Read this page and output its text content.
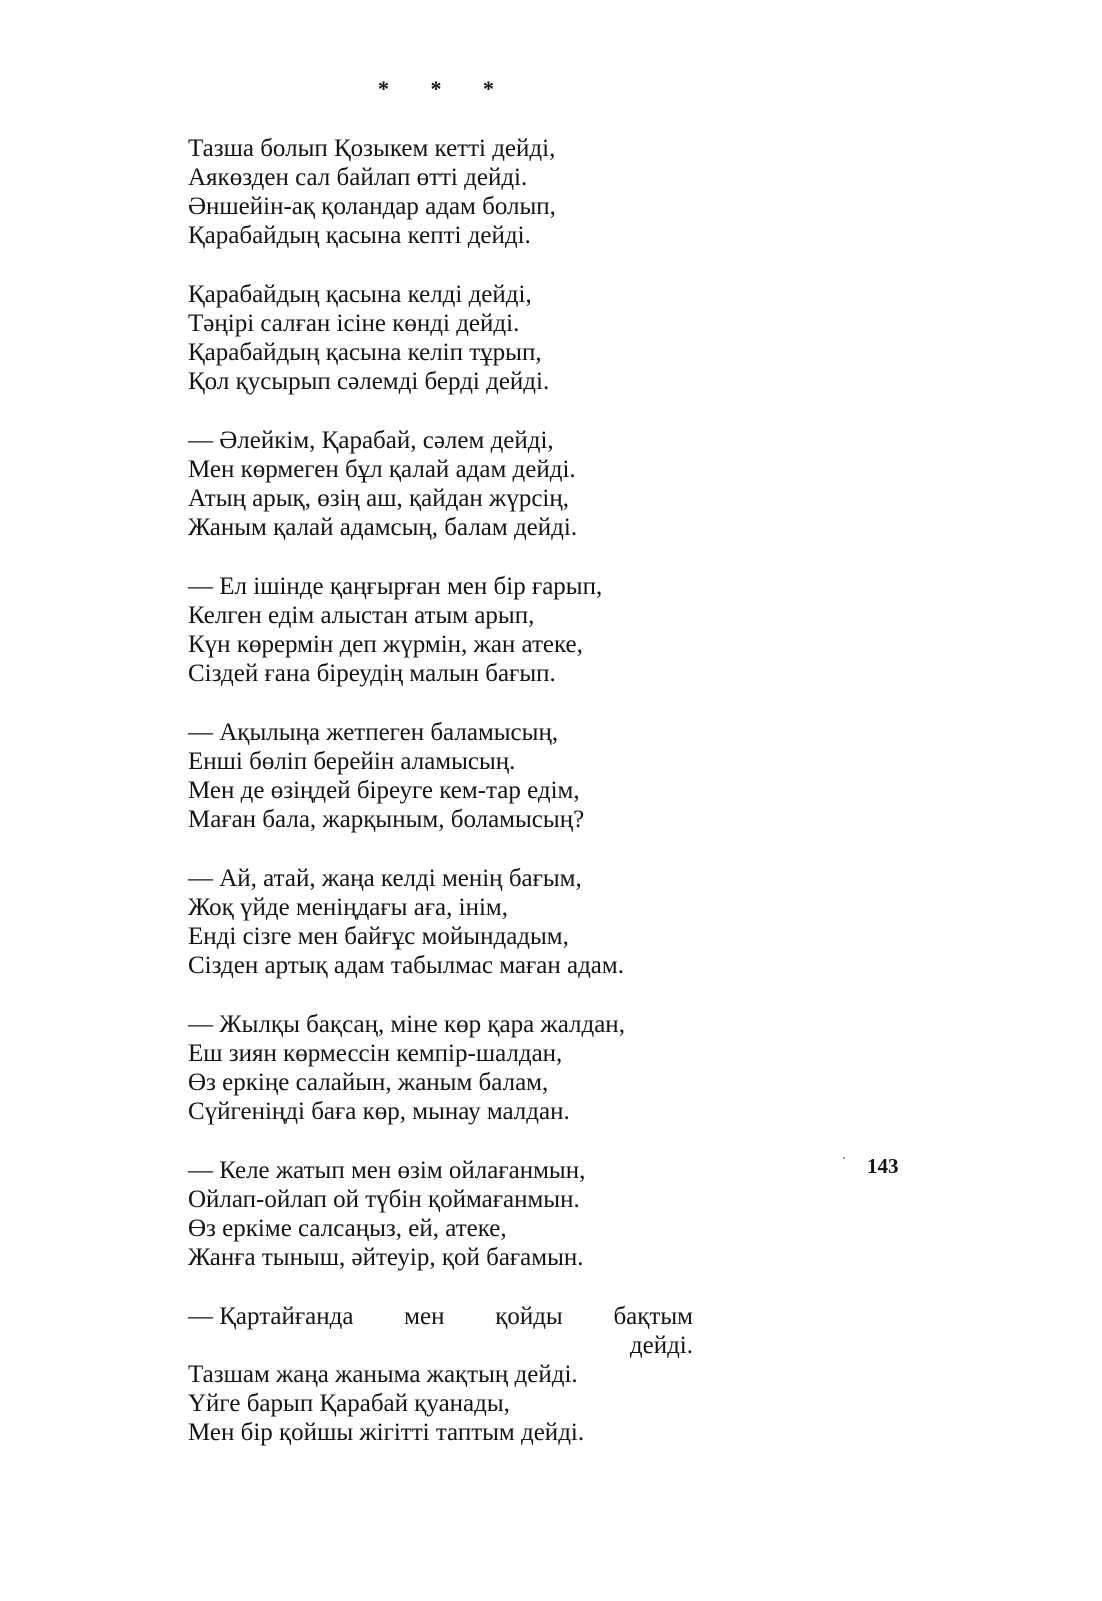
* * *
Тазша болып Қозыкем кетті дейді,
Аякөзден сал байлап өтті дейді.
Әншейін-ақ қоландар адам болып,
Қарабайдың қасына кепті дейді.
Қарабайдың қасына келді дейді,
Тәңірі салған ісіне көнді дейді.
Қарабайдың қасына келіп тұрып,
Қол қусырып сәлемді берді дейді.
— Әлейкім, Қарабай, сәлем дейді,
Мен көрмеген бұл қалай адам дейді.
Атың арық, өзің аш, қайдан жүрсің,
Жаным қалай адамсың, балам дейді.
— Ел ішінде қаңғырған мен бір ғарып,
Келген едім алыстан атым арып,
Күн көрермін деп жүрмін, жан атеке,
Сіздей ғана біреудің малын бағып.
— Ақылыңа жетпеген баламысың,
Еншi бөліп берейін аламысың.
Мен де өзіңдей біреуге кем-тар едім,
Маған бала, жарқыным, боламысың?
— Ай, атай, жаңа келді менің бағым,
Жоқ үйде меніңдағы аға, інім,
Енді сізге мен байғұс мойындадым,
Сізден артық адам табылмас маған адам.
— Жылқы бақсаң, міне көр қара жалдан,
Еш зиян көрмессін кемпір-шалдан,
Өз еркіңе салайын, жаным балам,
Сүйгеніңді баға көр, мынау малдан.
— Келе жатып мен өзім ойлағанмын,
Ойлап-ойлап ой түбін қоймағанмын.
Өз еркіме салсаңыз, ей, атеке,
Жанға тыныш, әйтеуір, қой бағамын.
— Қартайғанда мен қойды бақтым
дейді.
Тазшам жаңа жаныма жақтың дейді.
Үйге барып Қарабай қуанады,
Мен бір қойшы жігітті таптым дейді.
143
